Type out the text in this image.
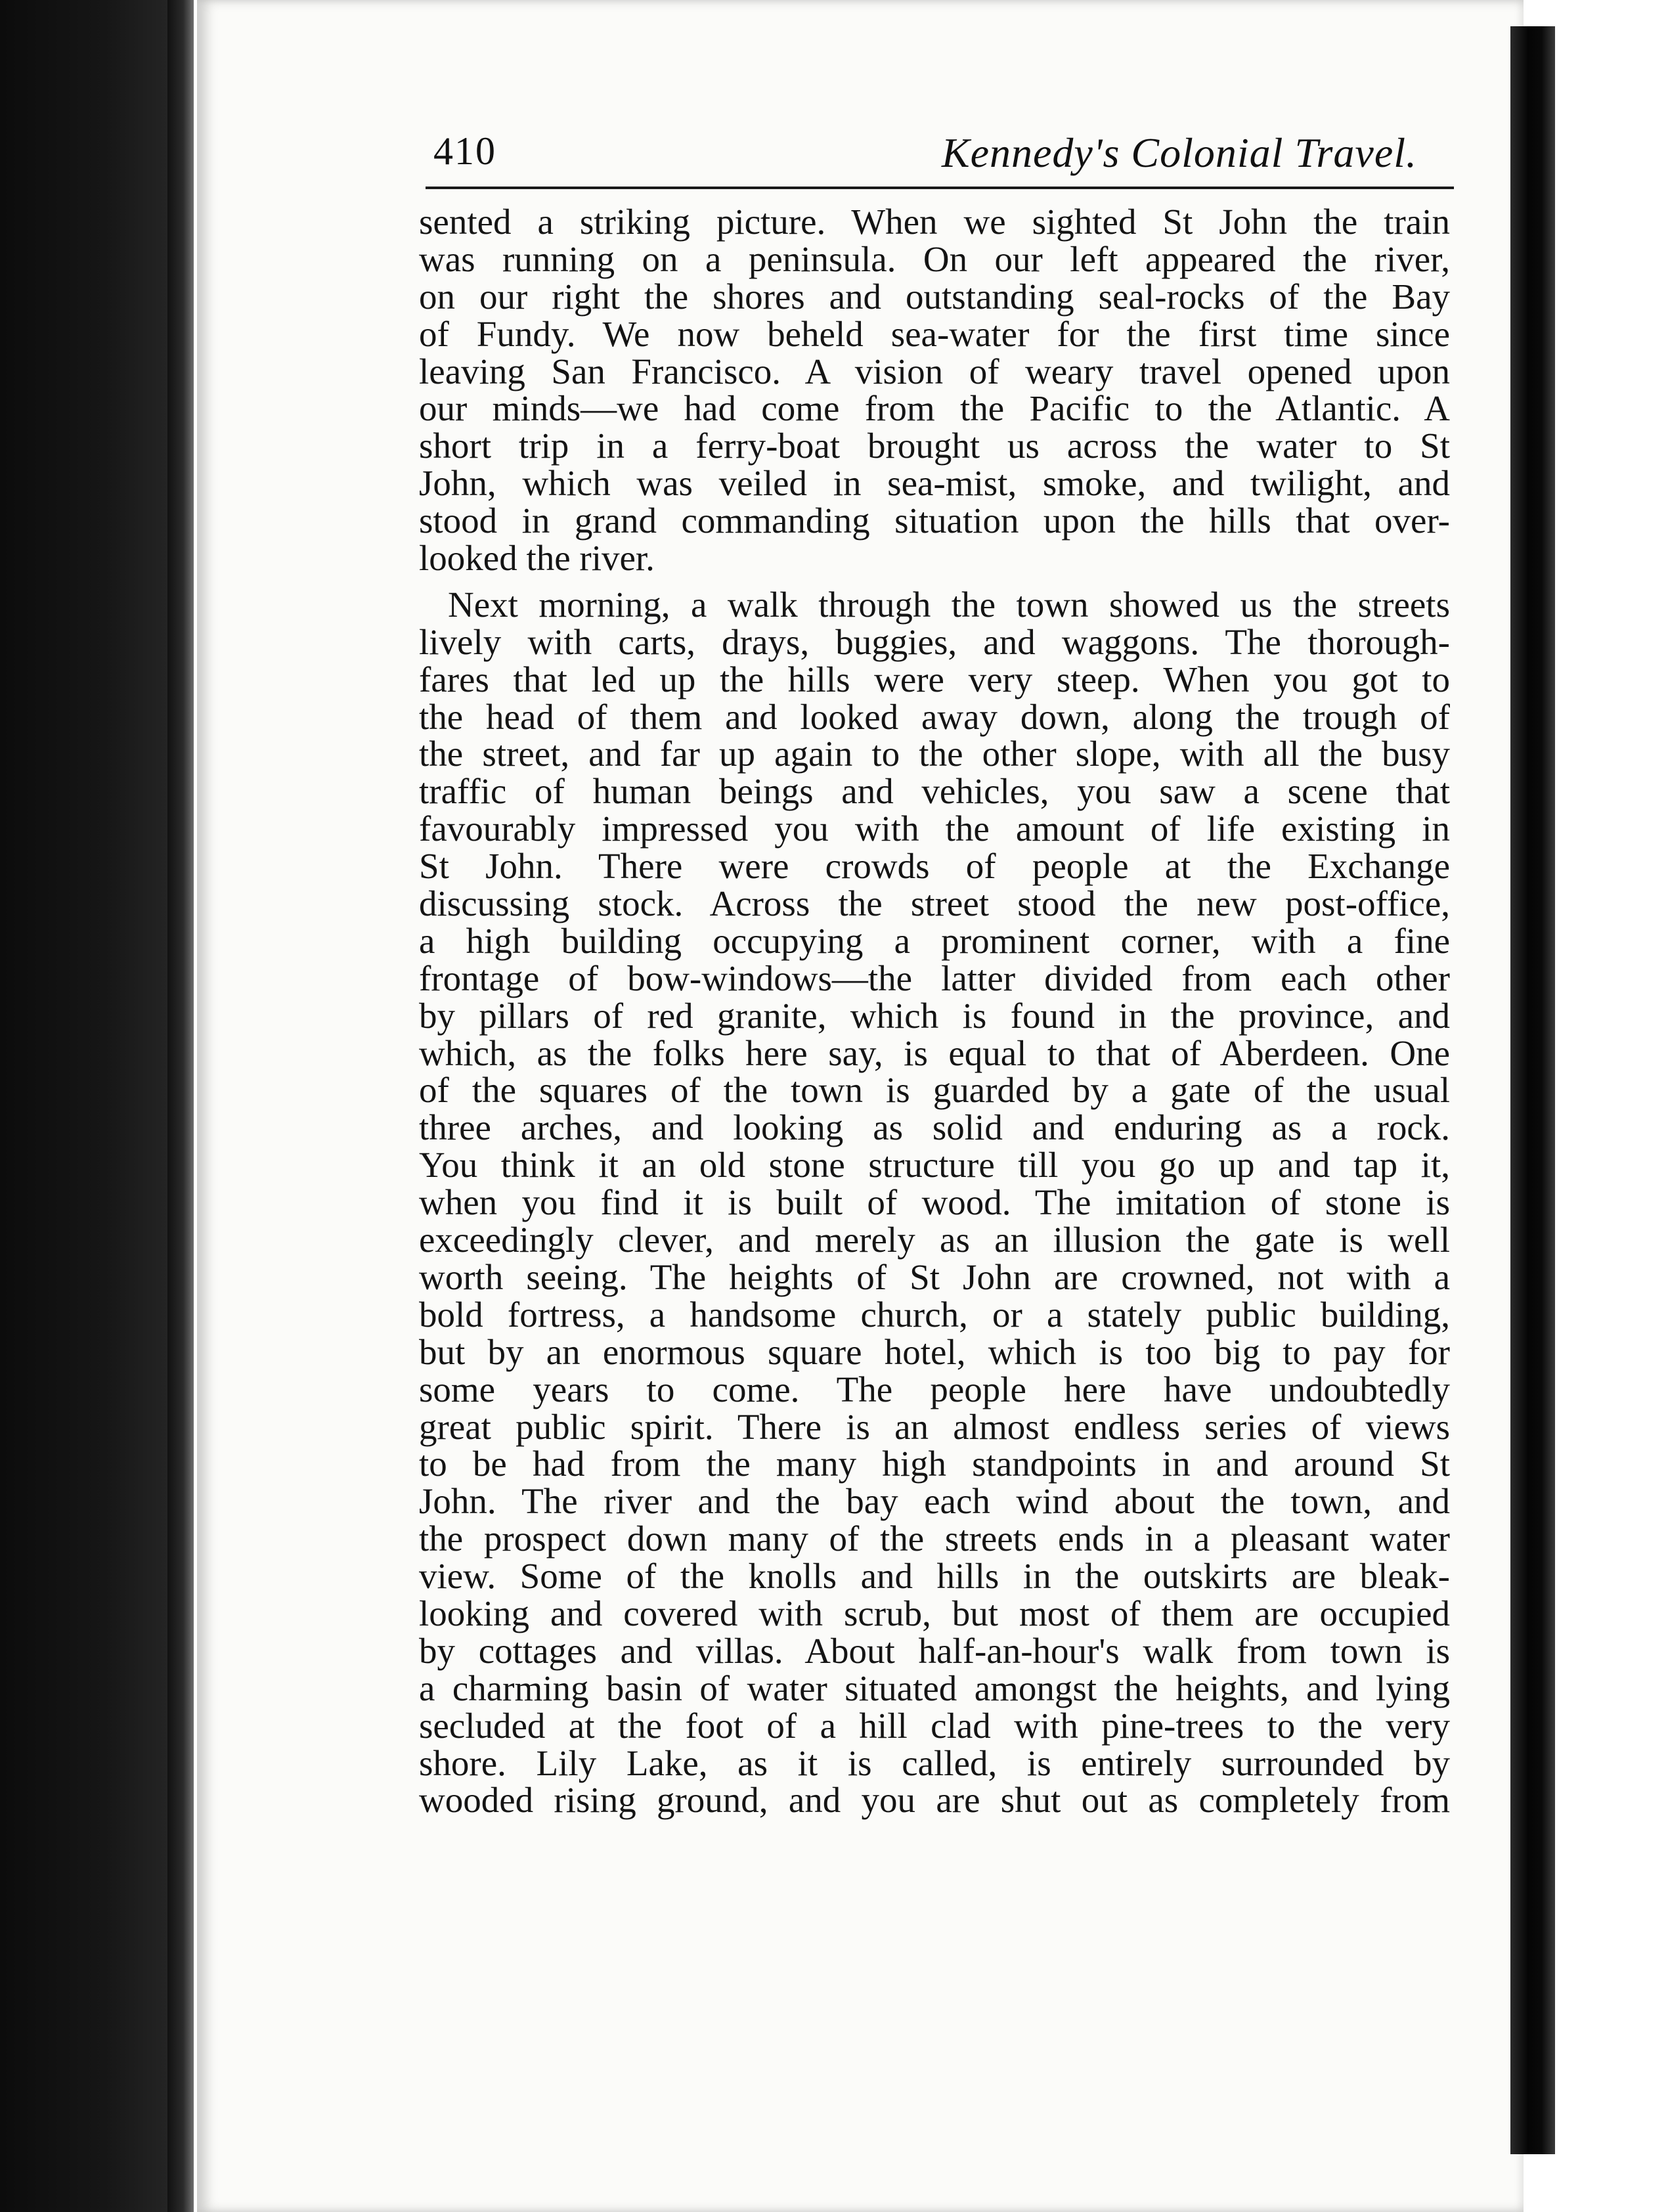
410	Kennedy's Colonial Travel.
sented a striking picture. When we sighted St John the train
was running on a peninsula. On our left appeared the river,
on our right the shores and outstanding seal-rocks of the Bay
of Fundy. We now beheld sea-water for the first time since
leaving San Francisco. A vision of weary travel opened upon
our minds—we had come from the Pacific to the Atlantic. A
short trip in a ferry-boat brought us across the water to St
John, which was veiled in sea-mist, smoke, and twilight, and
stood in grand commanding situation upon the hills that over-
looked the river.
Next morning, a walk through the town showed us the streets
lively with carts, drays, buggies, and waggons. The thorough-
fares that led up the hills were very steep. When you got to
the head of them and looked away down, along the trough of
the street, and far up again to the other slope, with all the busy
traffic of human beings and vehicles, you saw a scene that
favourably impressed you with the amount of life existing in
St John. There were crowds of people at the Exchange
discussing stock. Across the street stood the new post-office,
a high building occupying a prominent corner, with a fine
frontage of bow-windows—the latter divided from each other
by pillars of red granite, which is found in the province, and
which, as the folks here say, is equal to that of Aberdeen. One
of the squares of the town is guarded by a gate of the usual
three arches, and looking as solid and enduring as a rock.
You think it an old stone structure till you go up and tap it,
when you find it is built of wood. The imitation of stone is
exceedingly clever, and merely as an illusion the gate is well
worth seeing. The heights of St John are crowned, not with a
bold fortress, a handsome church, or a stately public building,
but by an enormous square hotel, which is too big to pay for
some years to come. The people here have undoubtedly
great public spirit. There is an almost endless series of views
to be had from the many high standpoints in and around St
John. The river and the bay each wind about the town, and
the prospect down many of the streets ends in a pleasant water
view. Some of the knolls and hills in the outskirts are bleak-
looking and covered with scrub, but most of them are occupied
by cottages and villas. About half-an-hour's walk from town is
a charming basin of water situated amongst the heights, and lying
secluded at the foot of a hill clad with pine-trees to the very
shore. Lily Lake, as it is called, is entirely surrounded by
wooded rising ground, and you are shut out as completely from
